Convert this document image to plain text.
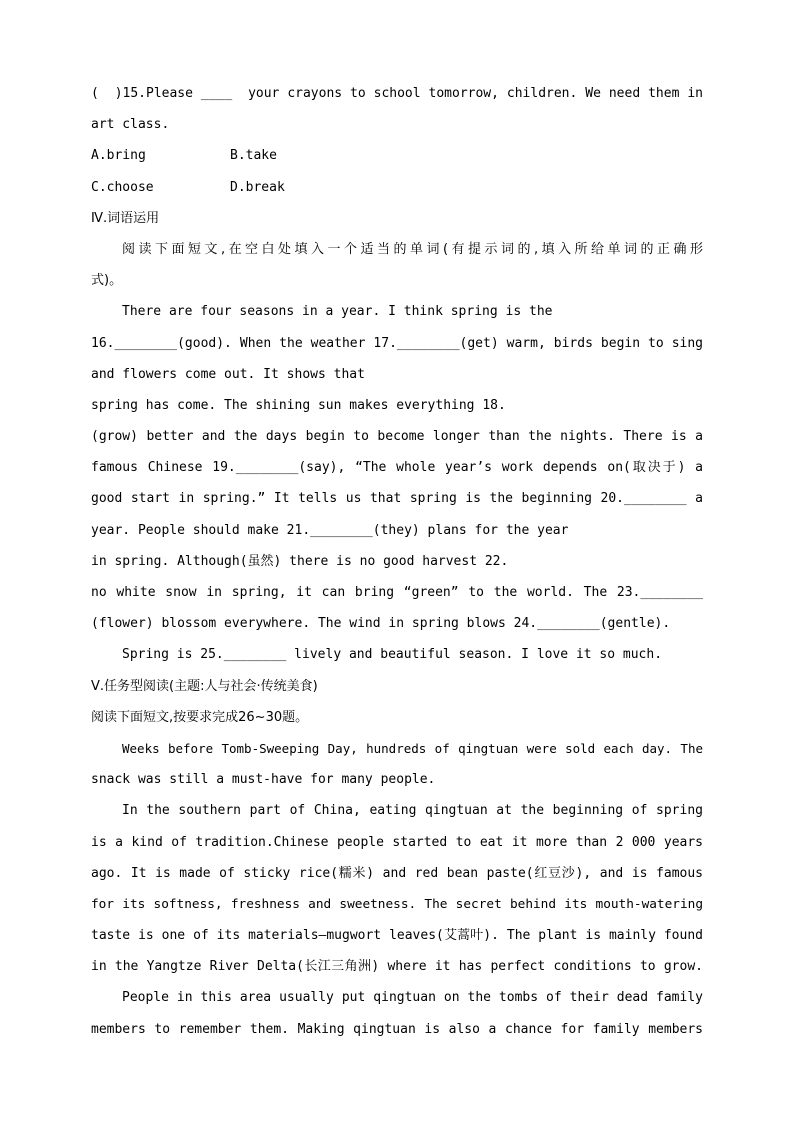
(  )15.Please ____  your crayons to school tomorrow, children. We need them in
art class.
A.bring	B.take
C.choose	D.break
Ⅳ.词语运用
阅读下面短文,在空白处填入一个适当的单词(有提示词的,填入所给单词的正确形
式)。
There are four seasons in a year. I think spring is the
16.________(good). When the weather 17.________(get) warm, birds begin to sing
and flowers come out. It shows that
spring has come. The shining sun makes everything 18.
(grow) better and the days begin to become longer than the nights. There is a
famous Chinese 19.________(say), “The whole year’s work depends on(取决于) a
good start in spring.” It tells us that spring is the beginning 20.________ a
year. People should make 21.________(they) plans for the year
in spring. Although(虽然) there is no good harvest 22.
no white snow in spring, it can bring “green” to the world. The 23.________
(flower) blossom everywhere. The wind in spring blows 24.________(gentle).
Spring is 25.________ lively and beautiful season. I love it so much.
Ⅴ.任务型阅读(主题:人与社会·传统美食)
阅读下面短文,按要求完成26~30题。
Weeks before Tomb-Sweeping Day, hundreds of qingtuan were sold each day. The
snack was still a must-have for many people.
In the southern part of China, eating qingtuan at the beginning of spring
is a kind of tradition.Chinese people started to eat it more than 2 000 years
ago. It is made of sticky rice(糯米) and red bean paste(红豆沙), and is famous
for its softness, freshness and sweetness. The secret behind its mouth-watering
taste is one of its materials—mugwort leaves(艾蒿叶). The plant is mainly found
in the Yangtze River Delta(长江三角洲) where it has perfect conditions to grow.
People in this area usually put qingtuan on the tombs of their dead family
members to remember them. Making qingtuan is also a chance for family members
